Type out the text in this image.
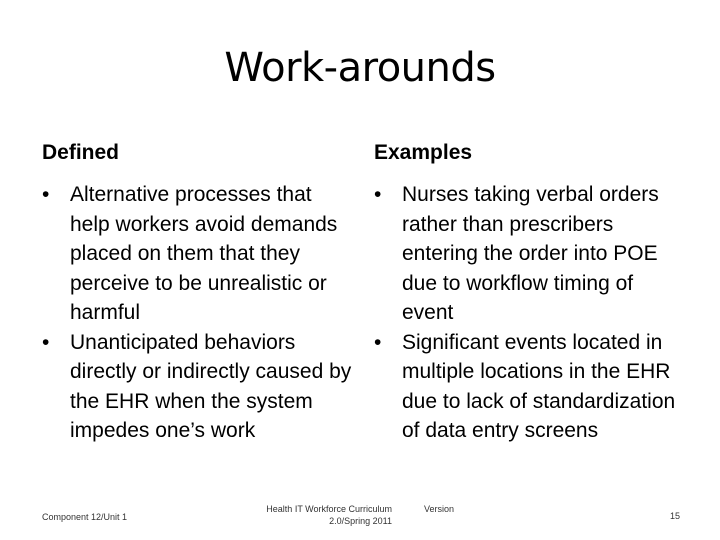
Work-arounds
Defined
• Alternative processes that help workers avoid demands placed on them that they perceive to be unrealistic or harmful
• Unanticipated behaviors directly or indirectly caused by the EHR when the system impedes one’s work
Examples
• Nurses taking verbal orders rather than prescribers entering the order into POE due to workflow timing of event
• Significant events located in multiple locations in the EHR due to lack of standardization of data entry screens
Component 12/Unit 1
Health IT Workforce Curriculum
2.0/Spring 2011
Version
15
